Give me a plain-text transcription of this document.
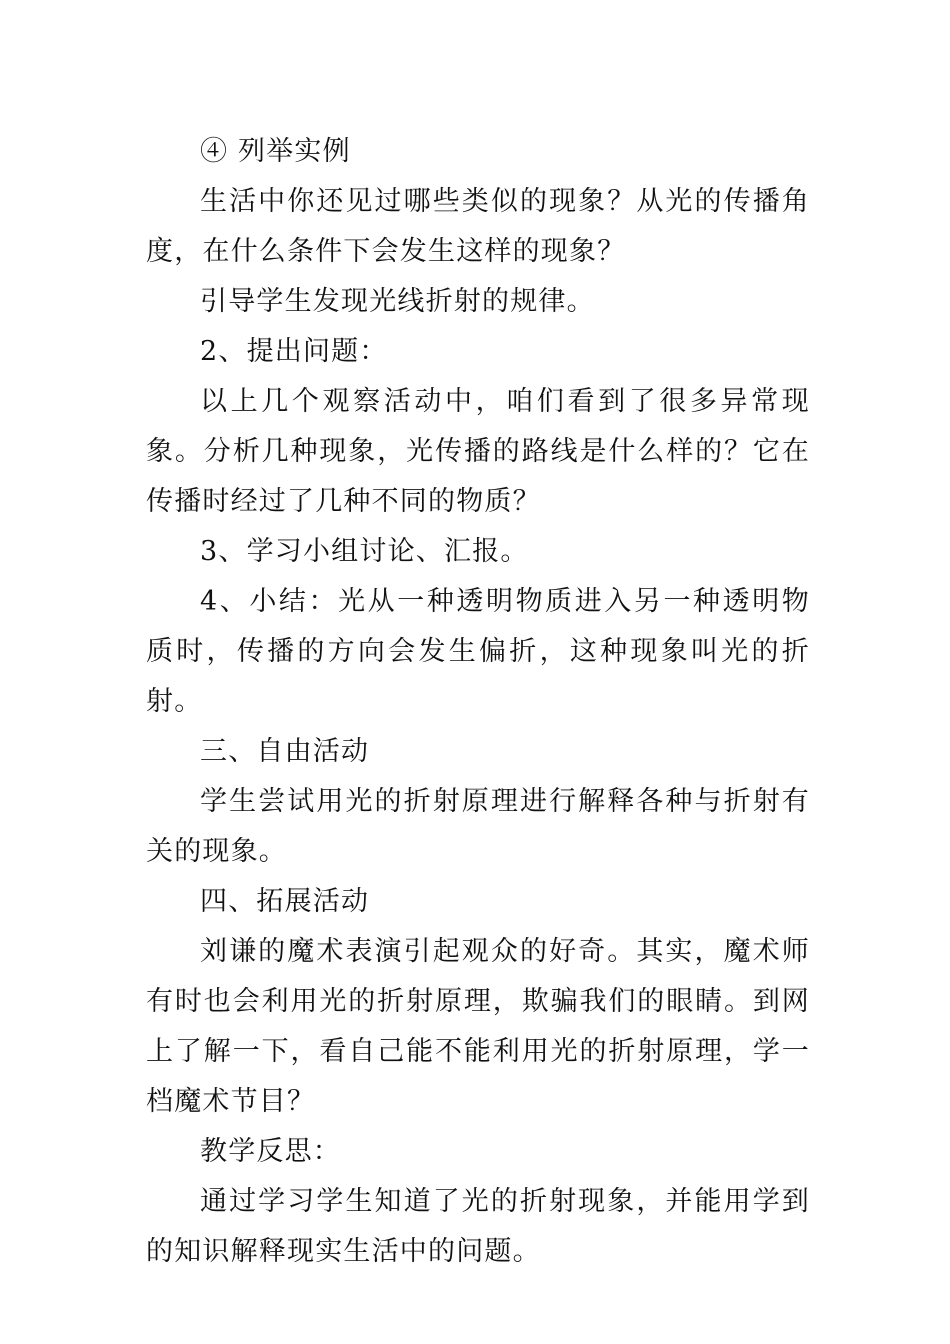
④ 列举实例

生活中你还见过哪些类似的现象？从光的传播角度，在什么条件下会发生这样的现象？

引导学生发现光线折射的规律。

2、提出问题：

以上几个观察活动中，咱们看到了很多异常现象。分析几种现象，光传播的路线是什么样的？它在传播时经过了几种不同的物质？

3、学习小组讨论、汇报。

4、小结：光从一种透明物质进入另一种透明物质时，传播的方向会发生偏折，这种现象叫光的折射。

三、自由活动

学生尝试用光的折射原理进行解释各种与折射有关的现象。

四、拓展活动

刘谦的魔术表演引起观众的好奇。其实，魔术师有时也会利用光的折射原理，欺骗我们的眼睛。到网上了解一下，看自己能不能利用光的折射原理，学一档魔术节目？

教学反思：

通过学习学生知道了光的折射现象，并能用学到的知识解释现实生活中的问题。
